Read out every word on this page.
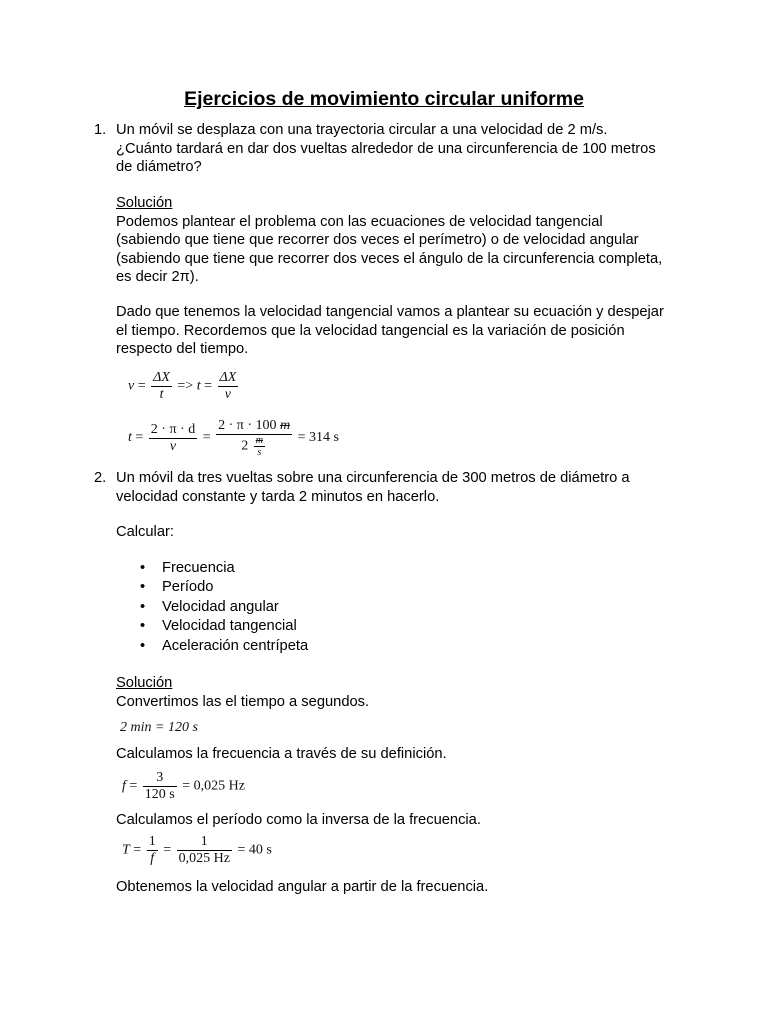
Ejercicios de movimiento circular uniforme
1. Un móvil se desplaza con una trayectoria circular a una velocidad de 2 m/s.

¿Cuánto tardará en dar dos vueltas alrededor de una circunferencia de 100 metros

de diámetro?

Solución

Podemos plantear el problema con las ecuaciones de velocidad tangencial

(sabiendo que tiene que recorrer dos veces el perímetro) o de velocidad angular

(sabiendo que tiene que recorrer dos veces el ángulo de la circunferencia completa,

es decir 2π).

Dado que tenemos la velocidad tangencial vamos a plantear su ecuación y despejar

el tiempo. Recordemos que la velocidad tangencial es la variación de posición

respecto del tiempo.

$v = \frac{\Delta X}{t} => t = \frac{\Delta X}{v}$
$t = \frac{2 \cdot \pi \cdot d}{v} = \frac{2 \cdot \pi \cdot 100 m}{2 \frac{m}{s}} = 314$ s
2. Un móvil da tres vueltas sobre una circunferencia de 300 metros de diámetro a

velocidad constante y tarda 2 minutos en hacerlo.

Calcular:
• Frecuencia
• Período
• Velocidad angular
• Velocidad tangencial
• Aceleración centrípeta

Solución

Convertimos las el tiempo a segundos.

2 min = 120 s
Calculamos la frecuencia a través de su definición.
$f = \frac{3}{120 s} = 0,025$ Hz
Calculamos el período como la inversa de la frecuencia.
$T = \frac{1}{f} = \frac{1}{0,025 Hz} = 40$ s
Obtenemos la velocidad angular a partir de la frecuencia.
